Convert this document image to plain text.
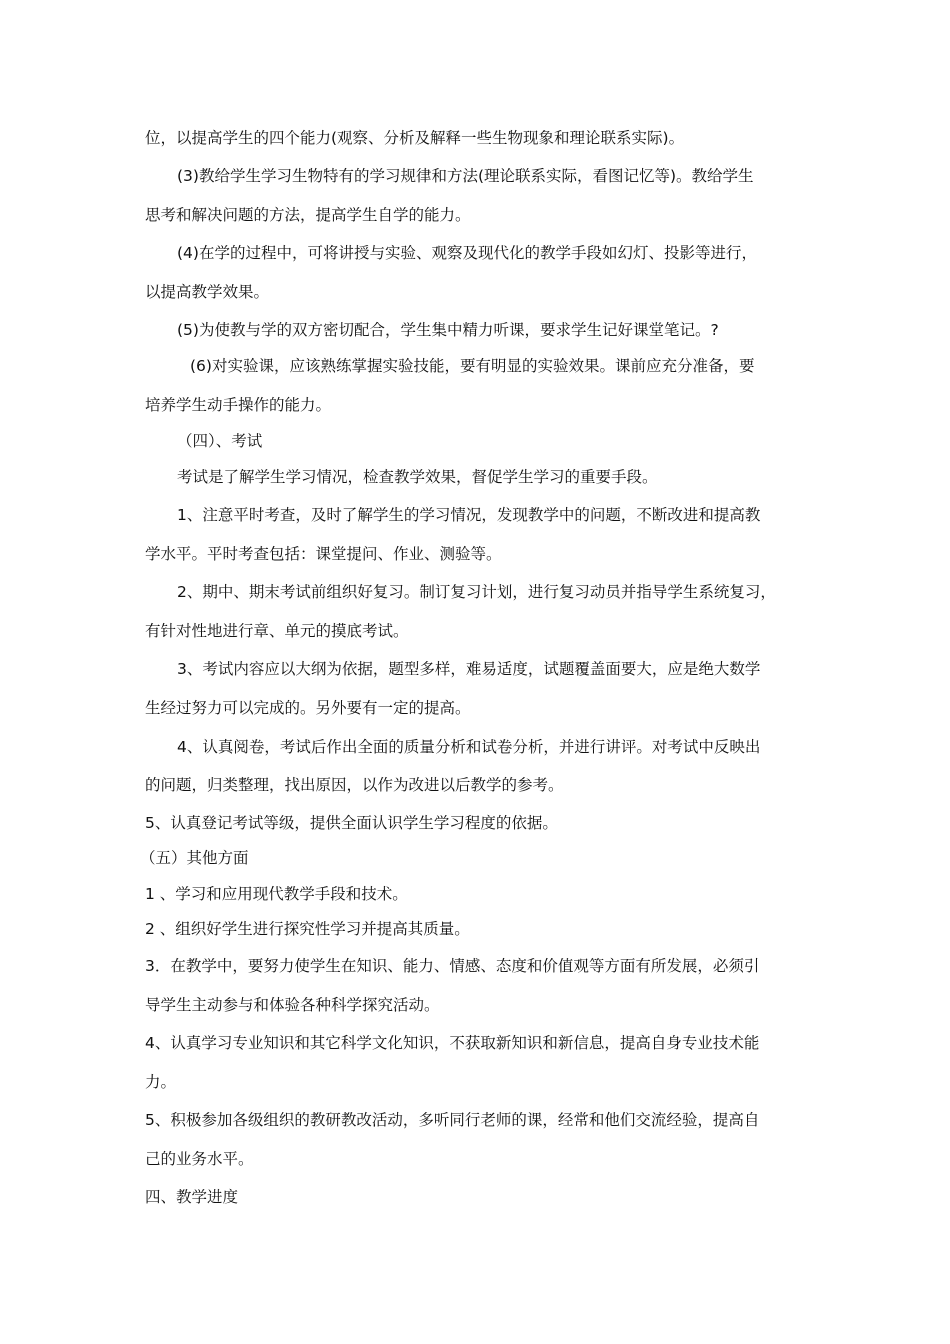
位，以提高学生的四个能力(观察、分析及解释一些生物现象和理论联系实际)。

(3)教给学生学习生物特有的学习规律和方法(理论联系实际，看图记忆等)。教给学生

思考和解决问题的方法，提高学生自学的能力。

(4)在学的过程中，可将讲授与实验、观察及现代化的教学手段如幻灯、投影等进行，

以提高教学效果。

(5)为使教与学的双方密切配合，学生集中精力听课，要求学生记好课堂笔记。?

(6)对实验课，应该熟练掌握实验技能，要有明显的实验效果。课前应充分准备，要

培养学生动手操作的能力。

（四）、考试

考试是了解学生学习情况，检查教学效果，督促学生学习的重要手段。

1、注意平时考查，及时了解学生的学习情况，发现教学中的问题，不断改进和提高教

学水平。平时考查包括：课堂提问、作业、测验等。

2、期中、期末考试前组织好复习。制订复习计划，进行复习动员并指导学生系统复习，

有针对性地进行章、单元的摸底考试。

3、考试内容应以大纲为依据，题型多样，难易适度，试题覆盖面要大，应是绝大数学

生经过努力可以完成的。另外要有一定的提高。

4、认真阅卷，考试后作出全面的质量分析和试卷分析，并进行讲评。对考试中反映出

的问题，归类整理，找出原因，以作为改进以后教学的参考。

5、认真登记考试等级，提供全面认识学生学习程度的依据。

（五）其他方面

1 、学习和应用现代教学手段和技术。

2 、组织好学生进行探究性学习并提高其质量。

3．在教学中，要努力使学生在知识、能力、情感、态度和价值观等方面有所发展，必须引

导学生主动参与和体验各种科学探究活动。

4、认真学习专业知识和其它科学文化知识，不获取新知识和新信息，提高自身专业技术能

力。

5、积极参加各级组织的教研教改活动，多听同行老师的课，经常和他们交流经验，提高自

己的业务水平。

四、教学进度
